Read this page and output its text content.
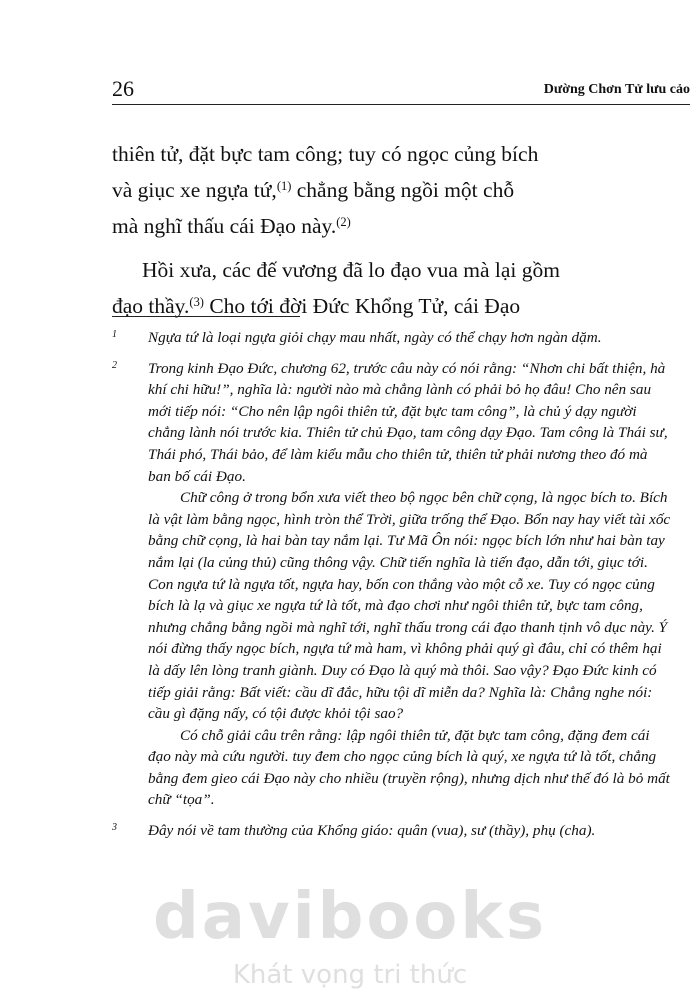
26	Dường Chơn Tử lưu cảo

thiên tử, đặt bực tam công; tuy có ngọc củng bích
và giục xe ngựa tứ,$^{(1)}$ chẳng bằng ngồi một chỗ
mà nghĩ thấu cái Đạo này.$^{(2)}$

Hồi xưa, các đế vương đã lo đạo vua mà lại gồm
đạo thầy.$^{(3)}$ Cho tới đời Đức Khổng Tử, cái Đạo

1 Ngựa tứ là loại ngựa giỏi chạy mau nhất, ngày có thể chạy hơn ngàn dặm.
2 Trong kinh Đạo Đức, chương 62, trước câu này có nói rằng: “Nhơn chi bất thiện, hà khí chi hữu!”, nghĩa là: người nào mà chẳng lành có phải bỏ họ đâu! Cho nên sau mới tiếp nói: “Cho nên lập ngôi thiên tử, đặt bực tam công”, là chủ ý dạy người chẳng lành nói trước kia. Thiên tử chủ Đạo, tam công dạy Đạo. Tam công là Thái sư, Thái phó, Thái bảo, để làm kiểu mẫu cho thiên tử, thiên tử phải nương theo đó mà ban bố cái Đạo.

Chữ công ở trong bổn xưa viết theo bộ ngọc bên chữ cọng, là ngọc bích to. Bích là vật làm bằng ngọc, hình tròn thể Trời, giữa trống thể Đạo. Bổn nay hay viết tài xốc bằng chữ cọng, là hai bàn tay nắm lại. Tư Mã Ôn nói: ngọc bích lớn như hai bàn tay nắm lại (la củng thủ) cũng thông vậy. Chữ tiến nghĩa là tiến đạo, dẫn tới, giục tới. Con ngựa tứ là ngựa tốt, ngựa hay, bốn con thắng vào một cỗ xe. Tuy có ngọc củng bích là lạ và giục xe ngựa tứ là tốt, mà đạo chơi như ngôi thiên tử, bực tam công, nhưng chẳng bằng ngồi mà nghĩ tới, nghĩ thấu trong cái đạo thanh tịnh vô dục này. Ý nói đừng thấy ngọc bích, ngựa tứ mà ham, vì không phải quý gì đâu, chỉ có thêm hại là dấy lên lòng tranh giành. Duy có Đạo là quý mà thôi. Sao vậy? Đạo Đức kinh có tiếp giải rằng: Bất viết: cầu dĩ đắc, hữu tội dĩ miễn da? Nghĩa là: Chẳng nghe nói: cầu gì đặng nấy, có tội được khỏi tội sao?

Có chỗ giải câu trên rằng: lập ngôi thiên tử, đặt bực tam công, đặng đem cái đạo này mà cứu người. tuy đem cho ngọc củng bích là quý, xe ngựa tứ là tốt, chẳng bằng đem gieo cái Đạo này cho nhiều (truyền rộng), nhưng dịch như thế đó là bỏ mất chữ “tọa”.

3 Đây nói về tam thường của Khổng giáo: quân (vua), sư (thầy), phụ (cha).
davibooks
Khát vọng tri thức
